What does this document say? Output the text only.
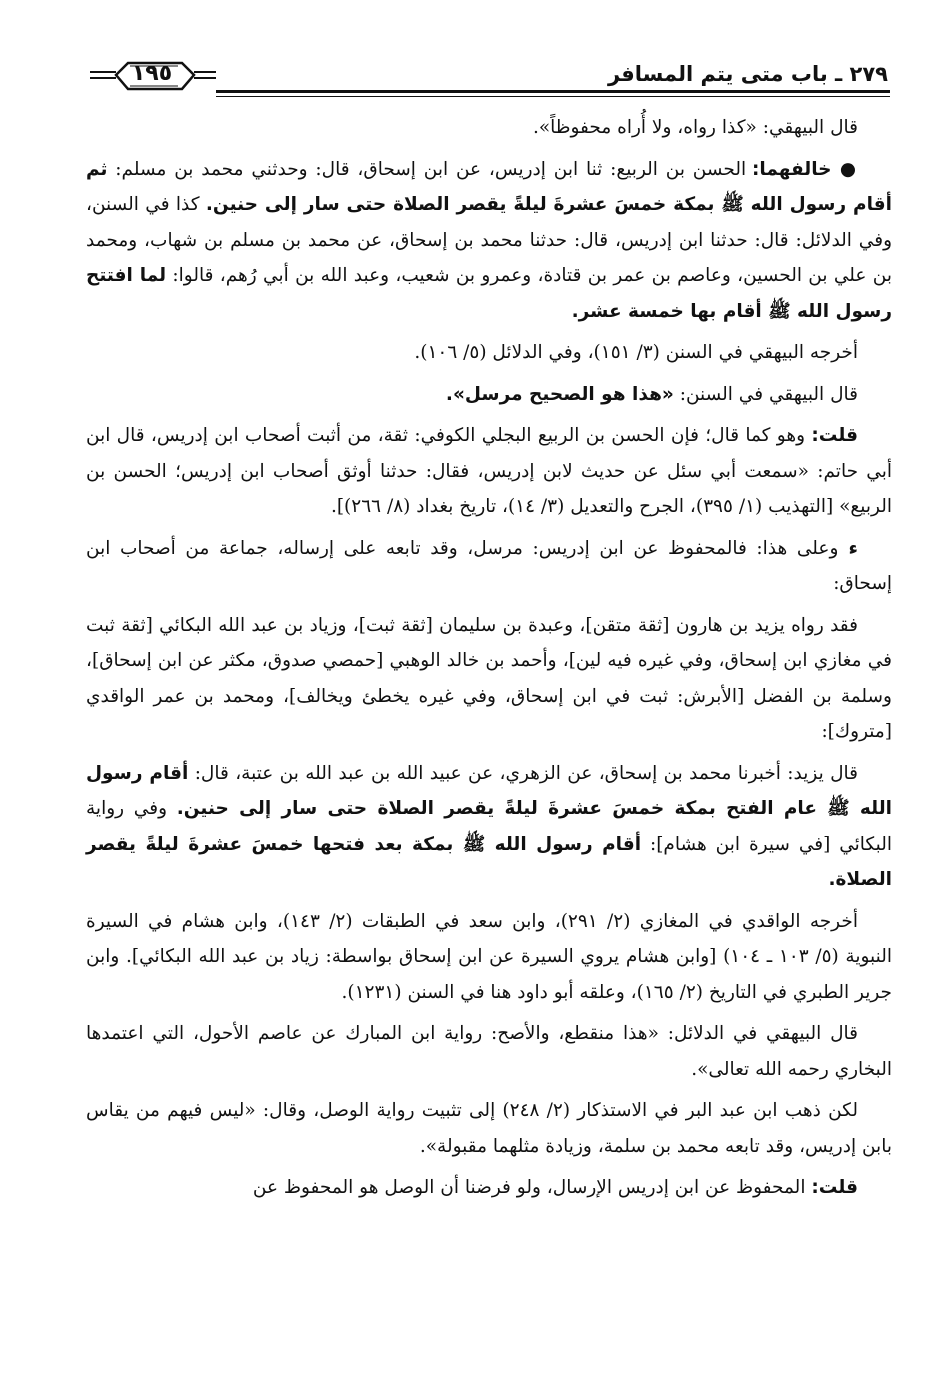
٢٧٩ ـ باب متى يتم المسافر
١٩٥

قال البيهقي: «كذا رواه، ولا أُراه محفوظاً».

● خالفهما: الحسن بن الربيع: ثنا ابن إدريس، عن ابن إسحاق، قال: وحدثني محمد بن مسلم: ثم أقام رسول الله ﷺ بمكة خمسَ عشرةَ ليلةً يقصر الصلاة حتى سار إلى حنين. كذا في السنن، وفي الدلائل: قال: حدثنا ابن إدريس، قال: حدثنا محمد بن إسحاق، عن محمد بن مسلم بن شهاب، ومحمد بن علي بن الحسين، وعاصم بن عمر بن قتادة، وعمرو بن شعيب، وعبد الله بن أبي رُهم، قالوا: لما افتتح رسول الله ﷺ أقام بها خمسة عشر.

أخرجه البيهقي في السنن (٣/ ١٥١)، وفي الدلائل (٥/ ١٠٦).

قال البيهقي في السنن: «هذا هو الصحيح مرسل».

قلت: وهو كما قال؛ فإن الحسن بن الربيع البجلي الكوفي: ثقة، من أثبت أصحاب ابن إدريس، قال ابن أبي حاتم: «سمعت أبي سئل عن حديث لابن إدريس، فقال: حدثنا أوثق أصحاب ابن إدريس؛ الحسن بن الربيع» [التهذيب (١/ ٣٩٥)، الجرح والتعديل (٣/ ١٤)، تاريخ بغداد (٨/ ٢٦٦)].

ﺀ وعلى هذا: فالمحفوظ عن ابن إدريس: مرسل، وقد تابعه على إرساله، جماعة من أصحاب ابن إسحاق:

فقد رواه يزيد بن هارون [ثقة متقن]، وعبدة بن سليمان [ثقة ثبت]، وزياد بن عبد الله البكائي [ثقة ثبت في مغازي ابن إسحاق، وفي غيره فيه لين]، وأحمد بن خالد الوهبي [حمصي صدوق، مكثر عن ابن إسحاق]، وسلمة بن الفضل [الأبرش: ثبت في ابن إسحاق، وفي غيره يخطئ ويخالف]، ومحمد بن عمر الواقدي [متروك]:

قال يزيد: أخبرنا محمد بن إسحاق، عن الزهري، عن عبيد الله بن عبد الله بن عتبة، قال: أقام رسول الله ﷺ عام الفتح بمكة خمسَ عشرةَ ليلةً يقصر الصلاة حتى سار إلى حنين. وفي رواية البكائي [في سيرة ابن هشام]: أقام رسول الله ﷺ بمكة بعد فتحها خمسَ عشرةَ ليلةً يقصر الصلاة.

أخرجه الواقدي في المغازي (٢/ ٢٩١)، وابن سعد في الطبقات (٢/ ١٤٣)، وابن هشام في السيرة النبوية (٥/ ١٠٣ ـ ١٠٤) [وابن هشام يروي السيرة عن ابن إسحاق بواسطة: زياد بن عبد الله البكائي]. وابن جرير الطبري في التاريخ (٢/ ١٦٥)، وعلقه أبو داود هنا في السنن (١٢٣١).

قال البيهقي في الدلائل: «هذا منقطع، والأصح: رواية ابن المبارك عن عاصم الأحول، التي اعتمدها البخاري رحمه الله تعالى».

لكن ذهب ابن عبد البر في الاستذكار (٢/ ٢٤٨) إلى تثبيت رواية الوصل، وقال: «ليس فيهم من يقاس بابن إدريس، وقد تابعه محمد بن سلمة، وزيادة مثلهما مقبولة».

قلت: المحفوظ عن ابن إدريس الإرسال، ولو فرضنا أن الوصل هو المحفوظ عن
